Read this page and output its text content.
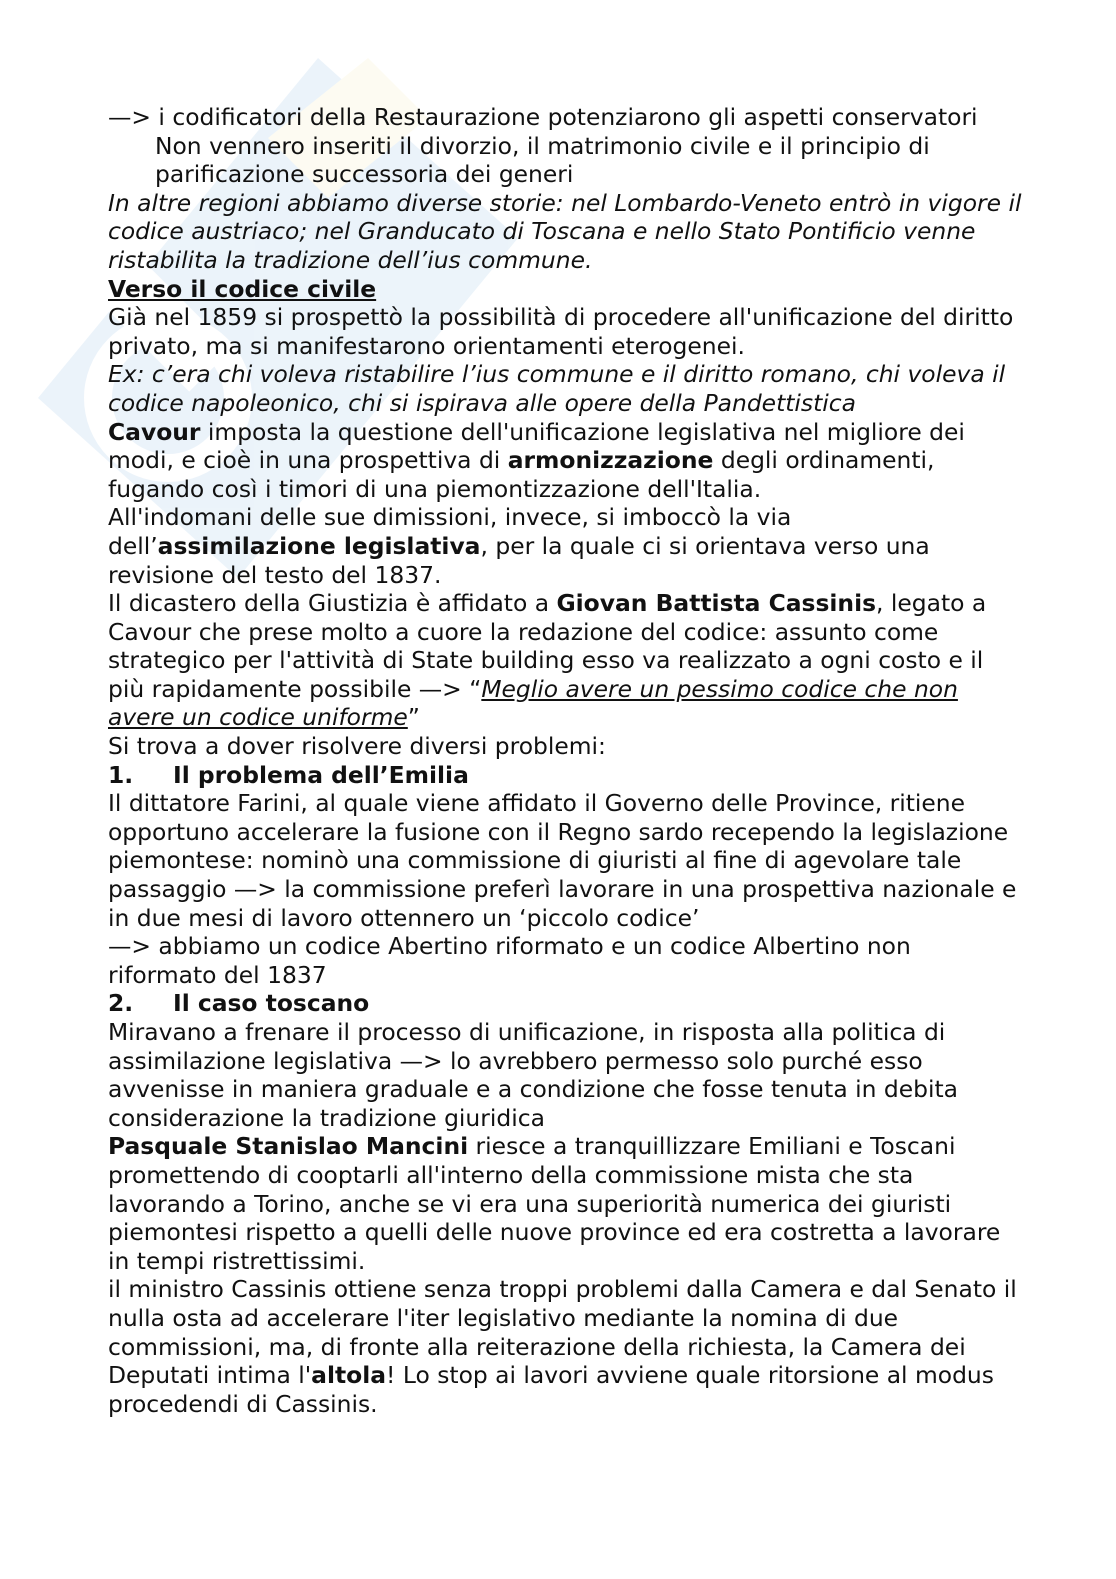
—> i codificatori della Restaurazione potenziarono gli aspetti conservatori

Non vennero inseriti il divorzio, il matrimonio civile e il principio di parificazione successoria dei generi

In altre regioni abbiamo diverse storie: nel Lombardo-Veneto entrò in vigore il codice austriaco; nel Granducato di Toscana e nello Stato Pontificio venne ristabilita la tradizione dell’ius commune.

Verso il codice civile

Già nel 1859 si prospettò la possibilità di procedere all'unificazione del diritto privato, ma si manifestarono orientamenti eterogenei.

Ex: c’era chi voleva ristabilire l’ius commune e il diritto romano, chi voleva il codice napoleonico, chi si ispirava alle opere della Pandettistica

Cavour imposta la questione dell'unificazione legislativa nel migliore dei modi, e cioè in una prospettiva di armonizzazione degli ordinamenti, fugando così i timori di una piemontizzazione dell'Italia.

All'indomani delle sue dimissioni, invece, si imboccò la via dell’assimilazione legislativa, per la quale ci si orientava verso una revisione del testo del 1837.

Il dicastero della Giustizia è affidato a Giovan Battista Cassinis, legato a Cavour che prese molto a cuore la redazione del codice: assunto come strategico per l'attività di State building esso va realizzato a ogni costo e il più rapidamente possibile —> “Meglio avere un pessimo codice che non avere un codice uniforme”

Si trova a dover risolvere diversi problemi:

1.	Il problema dell’Emilia

Il dittatore Farini, al quale viene affidato il Governo delle Province, ritiene opportuno accelerare la fusione con il Regno sardo recependo la legislazione piemontese: nominò una commissione di giuristi al fine di agevolare tale passaggio —> la commissione preferì lavorare in una prospettiva nazionale e in due mesi di lavoro ottennero un ‘piccolo codice’

—> abbiamo un codice Abertino riformato e un codice Albertino non riformato del 1837

2.	Il caso toscano

Miravano a frenare il processo di unificazione, in risposta alla politica di assimilazione legislativa —> lo avrebbero permesso solo purché esso avvenisse in maniera graduale e a condizione che fosse tenuta in debita considerazione la tradizione giuridica

Pasquale Stanislao Mancini riesce a tranquillizzare Emiliani e Toscani promettendo di cooptarli all'interno della commissione mista che sta lavorando a Torino, anche se vi era una superiorità numerica dei giuristi piemontesi rispetto a quelli delle nuove province ed era costretta a lavorare in tempi ristrettissimi.

il ministro Cassinis ottiene senza troppi problemi dalla Camera e dal Senato il nulla osta ad accelerare l'iter legislativo mediante la nomina di due commissioni, ma, di fronte alla reiterazione della richiesta, la Camera dei Deputati intima l'altola! Lo stop ai lavori avviene quale ritorsione al modus procedendi di Cassinis.
